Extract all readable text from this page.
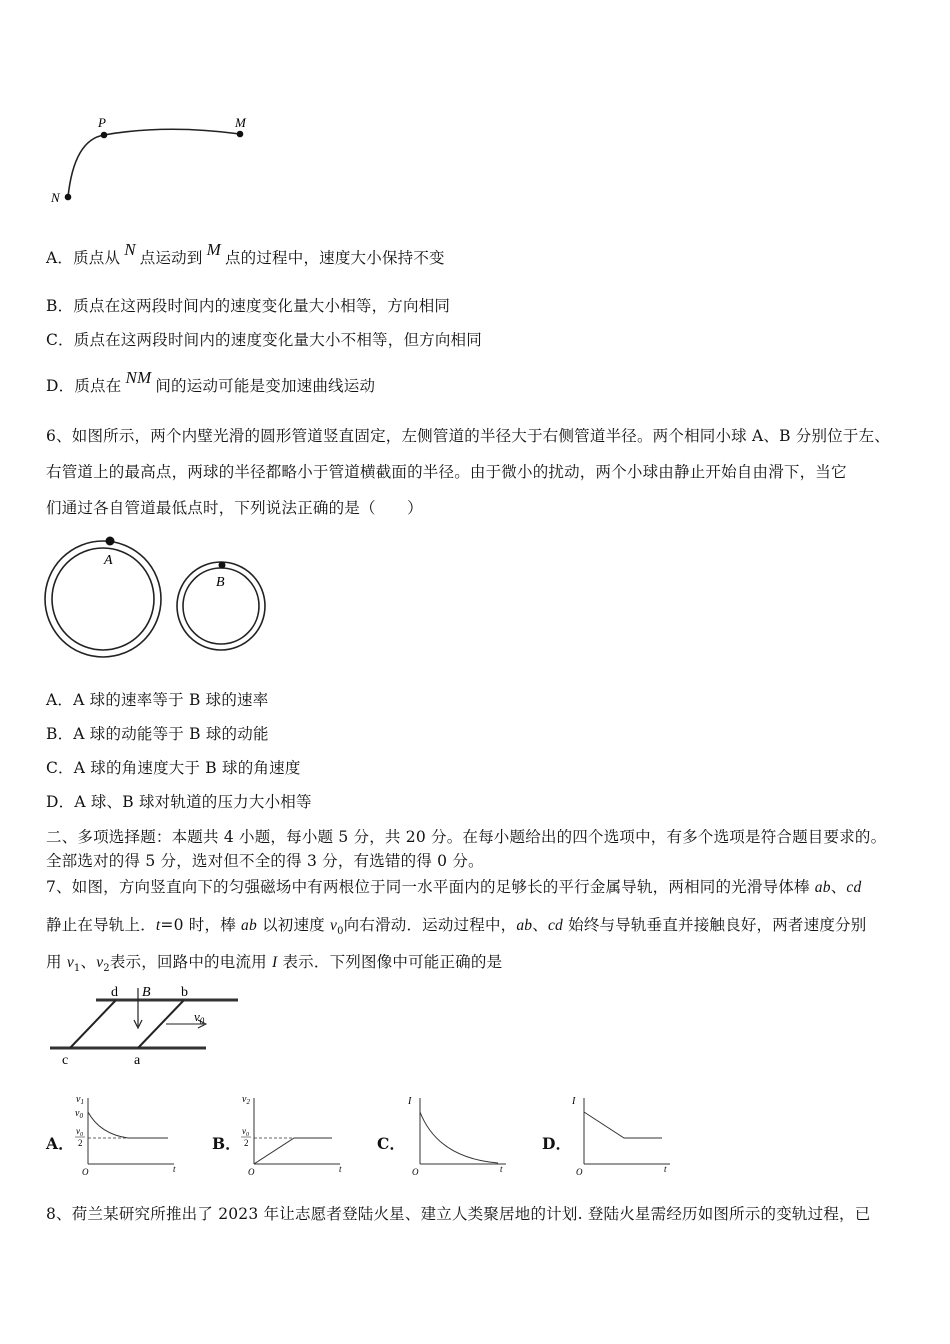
P	M
N
A．质点从 N 点运动到 M 点的过程中，速度大小保持不变
B．质点在这两段时间内的速度变化量大小相等，方向相同
C．质点在这两段时间内的速度变化量大小不相等，但方向相同
D．质点在 NM 间的运动可能是变加速曲线运动
6、如图所示，两个内壁光滑的圆形管道竖直固定，左侧管道的半径大于右侧管道半径。两个相同小球 A、B 分别位于左、
右管道上的最高点，两球的半径都略小于管道横截面的半径。由于微小的扰动，两个小球由静止开始自由滑下，当它
们通过各自管道最低点时，下列说法正确的是（　　）
A
B
A．A 球的速率等于 B 球的速率
B．A 球的动能等于 B 球的动能
C．A 球的角速度大于 B 球的角速度
D．A 球、B 球对轨道的压力大小相等
二、多项选择题：本题共 4 小题，每小题 5 分，共 20 分。在每小题给出的四个选项中，有多个选项是符合题目要求的。
全部选对的得 5 分，选对但不全的得 3 分，有选错的得 0 分。
7、如图，方向竖直向下的匀强磁场中有两根位于同一水平面内的足够长的平行金属导轨，两相同的光滑导体棒 ab、cd
静止在导轨上．t=0 时，棒 ab 以初速度 $v_0$向右滑动．运动过程中，ab、cd 始终与导轨垂直并接触良好，两者速度分别
用 $v_1$、$v_2$表示，回路中的电流用 I 表示．下列图像中可能正确的是
d B b
$v_0$
c	a
A．
$v_1$
$v_0$
$v_0$
2
O	t
B．
$v_2$
$v_0$
2
O	t
C．
I
O	t
D．
I
O	t
8、荷兰某研究所推出了 2023 年让志愿者登陆火星、建立人类聚居地的计划. 登陆火星需经历如图所示的变轨过程，已
